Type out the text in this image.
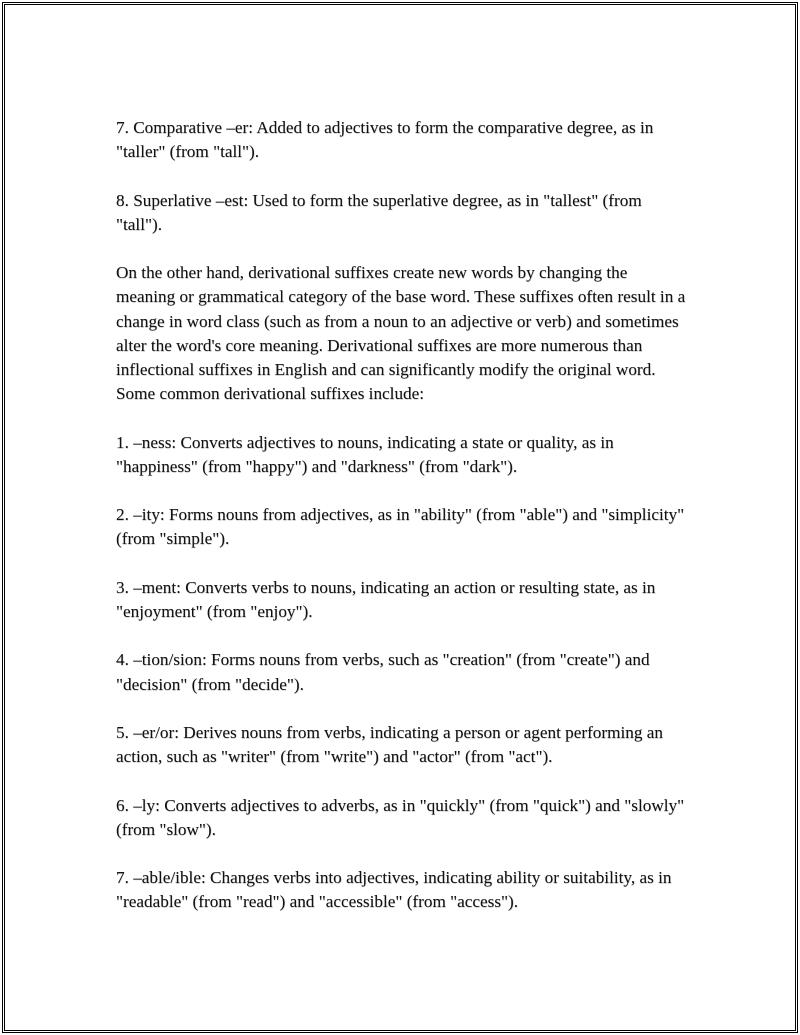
7. Comparative –er: Added to adjectives to form the comparative degree, as in "taller" (from "tall").

8. Superlative –est: Used to form the superlative degree, as in "tallest" (from "tall").

On the other hand, derivational suffixes create new words by changing the meaning or grammatical category of the base word. These suffixes often result in a change in word class (such as from a noun to an adjective or verb) and sometimes alter the word's core meaning. Derivational suffixes are more numerous than inflectional suffixes in English and can significantly modify the original word. Some common derivational suffixes include:

1. –ness: Converts adjectives to nouns, indicating a state or quality, as in "happiness" (from "happy") and "darkness" (from "dark").

2. –ity: Forms nouns from adjectives, as in "ability" (from "able") and "simplicity" (from "simple").

3. –ment: Converts verbs to nouns, indicating an action or resulting state, as in "enjoyment" (from "enjoy").

4. –tion/sion: Forms nouns from verbs, such as "creation" (from "create") and "decision" (from "decide").

5. –er/or: Derives nouns from verbs, indicating a person or agent performing an action, such as "writer" (from "write") and "actor" (from "act").

6. –ly: Converts adjectives to adverbs, as in "quickly" (from "quick") and "slowly" (from "slow").

7. –able/ible: Changes verbs into adjectives, indicating ability or suitability, as in "readable" (from "read") and "accessible" (from "access").
